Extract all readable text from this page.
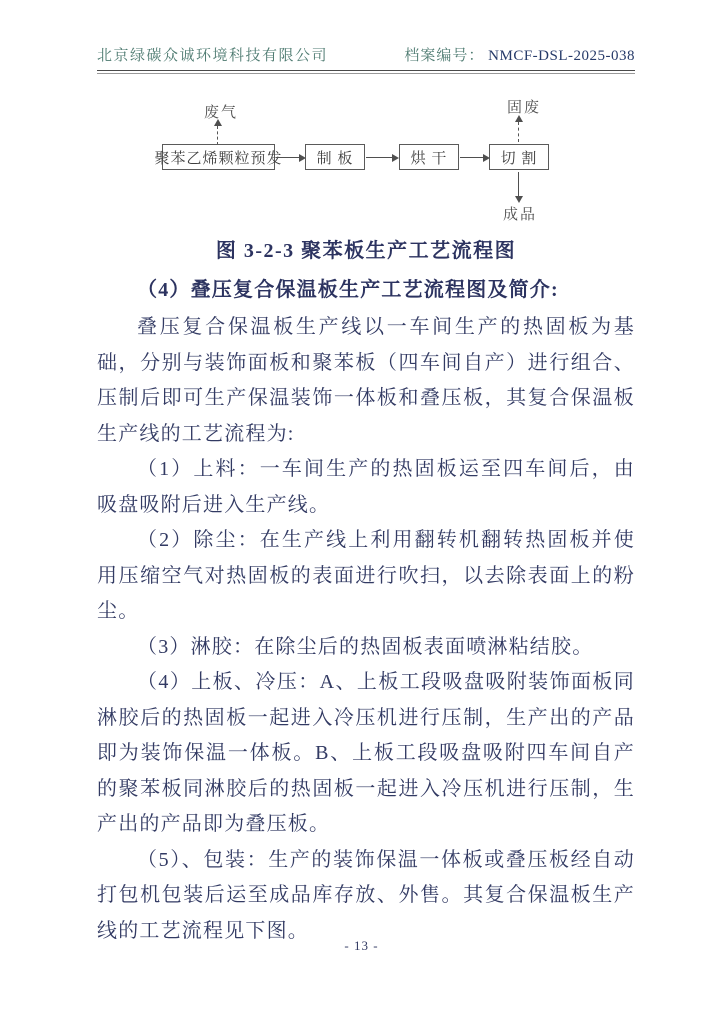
北京绿碳众诚环境科技有限公司	档案编号： NMCF-DSL-2025-038
废气
聚苯乙烯颗粒预发	制 板	烘 干	切 割
固废
成品

图 3-2-3 聚苯板生产工艺流程图

（4）叠压复合保温板生产工艺流程图及简介:

叠压复合保温板生产线以一车间生产的热固板为基础，分别与装饰面板和聚苯板（四车间自产）进行组合、压制后即可生产保温装饰一体板和叠压板，其复合保温板生产线的工艺流程为:

（1）上料：一车间生产的热固板运至四车间后，由吸盘吸附后进入生产线。

（2）除尘：在生产线上利用翻转机翻转热固板并使用压缩空气对热固板的表面进行吹扫，以去除表面上的粉尘。

（3）淋胶：在除尘后的热固板表面喷淋粘结胶。

（4）上板、冷压：A、上板工段吸盘吸附装饰面板同淋胶后的热固板一起进入冷压机进行压制，生产出的产品即为装饰保温一体板。B、上板工段吸盘吸附四车间自产的聚苯板同淋胶后的热固板一起进入冷压机进行压制，生产出的产品即为叠压板。

（5）、包装：生产的装饰保温一体板或叠压板经自动打包机包装后运至成品库存放、外售。其复合保温板生产线的工艺流程见下图。

- 13 -
